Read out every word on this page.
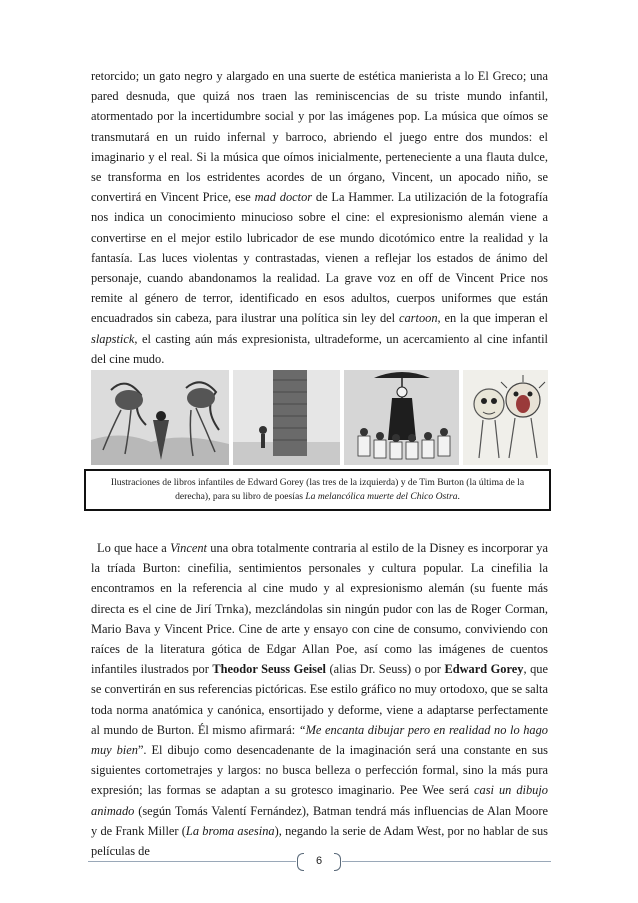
retorcido; un gato negro y alargado en una suerte de estética manierista a lo El Greco; una pared desnuda, que quizá nos traen las reminiscencias de su triste mundo infantil, atormentado por la incertidumbre social y por las imágenes pop. La música que oímos se transmutará en un ruido infernal y barroco, abriendo el juego entre dos mundos: el imaginario y el real. Si la música que oímos inicialmente, perteneciente a una flauta dulce, se transforma en los estridentes acordes de un órgano, Vincent, un apocado niño, se convertirá en Vincent Price, ese mad doctor de La Hammer. La utilización de la fotografía nos indica un conocimiento minucioso sobre el cine: el expresionismo alemán viene a convertirse en el mejor estilo lubricador de ese mundo dicotómico entre la realidad y la fantasía. Las luces violentas y contrastadas, vienen a reflejar los estados de ánimo del personaje, cuando abandonamos la realidad. La grave voz en off de Vincent Price nos remite al género de terror, identificado en esos adultos, cuerpos uniformes que están encuadrados sin cabeza, para ilustrar una política sin ley del cartoon, en la que imperan el slapstick, el casting aún más expresionista, ultradeforme, un acercamiento al cine infantil del cine mudo.

Ilustraciones de libros infantiles de Edward Gorey (las tres de la izquierda) y de Tim Burton (la última de la derecha), para su libro de poesías La melancólica muerte del Chico Ostra.

Lo que hace a Vincent una obra totalmente contraria al estilo de la Disney es incorporar ya la tríada Burton: cinefilia, sentimientos personales y cultura popular. La cinefilia la encontramos en la referencia al cine mudo y al expresionismo alemán (su fuente más directa es el cine de Jirí Trnka), mezclándolas sin ningún pudor con las de Roger Corman, Mario Bava y Vincent Price. Cine de arte y ensayo con cine de consumo, conviviendo con raíces de la literatura gótica de Edgar Allan Poe, así como las imágenes de cuentos infantiles ilustrados por Theodor Seuss Geisel (alias Dr. Seuss) o por Edward Gorey, que se convertirán en sus referencias pictóricas. Ese estilo gráfico no muy ortodoxo, que se salta toda norma anatómica y canónica, ensortijado y deforme, viene a adaptarse perfectamente al mundo de Burton. Él mismo afirmará: “Me encanta dibujar pero en realidad no lo hago muy bien”. El dibujo como desencadenante de la imaginación será una constante en sus siguientes cortometrajes y largos: no busca belleza o perfección formal, sino la más pura expresión; las formas se adaptan a su grotesco imaginario. Pee Wee será casi un dibujo animado (según Tomás Valentí Fernández), Batman tendrá más influencias de Alan Moore y de Frank Miller (La broma asesina), negando la serie de Adam West, por no hablar de sus películas de

6
